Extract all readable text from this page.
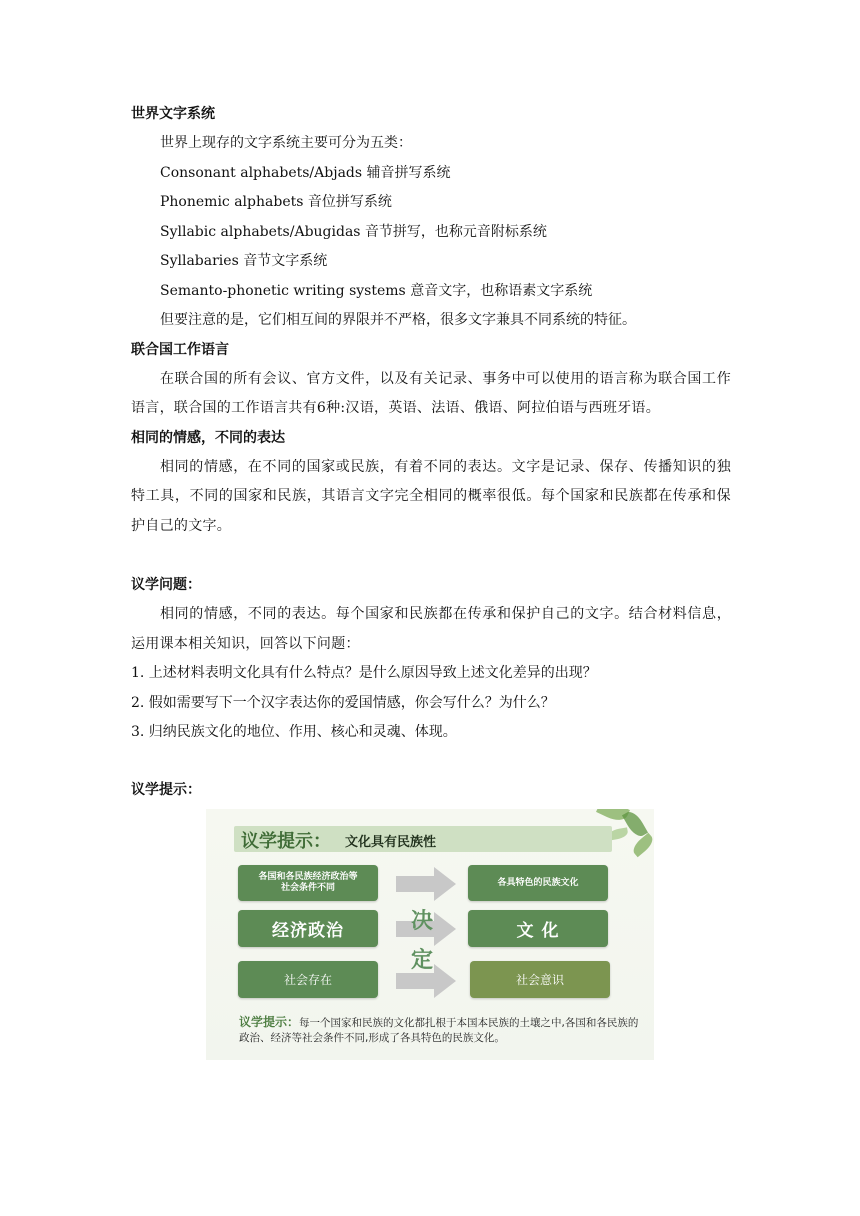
世界文字系统
世界上现存的文字系统主要可分为五类：
Consonant alphabets/Abjads 辅音拼写系统
Phonemic alphabets 音位拼写系统
Syllabic alphabets/Abugidas 音节拼写，也称元音附标系统
Syllabaries 音节文字系统
Semanto-phonetic writing systems 意音文字，也称语素文字系统
但要注意的是，它们相互间的界限并不严格，很多文字兼具不同系统的特征。
联合国工作语言
在联合国的所有会议、官方文件，以及有关记录、事务中可以使用的语言称为联合国工作语言，联合国的工作语言共有6种:汉语，英语、法语、俄语、阿拉伯语与西班牙语。
相同的情感，不同的表达
相同的情感，在不同的国家或民族，有着不同的表达。文字是记录、保存、传播知识的独特工具，不同的国家和民族，其语言文字完全相同的概率很低。每个国家和民族都在传承和保护自己的文字。
议学问题：
相同的情感，不同的表达。每个国家和民族都在传承和保护自己的文字。结合材料信息，运用课本相关知识，回答以下问题：
1. 上述材料表明文化具有什么特点？是什么原因导致上述文化差异的出现？
2. 假如需要写下一个汉字表达你的爱国情感，你会写什么？为什么？
3. 归纳民族文化的地位、作用、核心和灵魂、体现。
议学提示：
议学提示： 文化具有民族性
各国和各民族经济政治等
社会条件不同
经济政治
社会存在
各具特色的民族文化
文 化
社会意识
决
定
议学提示：每一个国家和民族的文化都扎根于本国本民族的土壤之中,各国和各民族的政治、经济等社会条件不同,形成了各具特色的民族文化。
